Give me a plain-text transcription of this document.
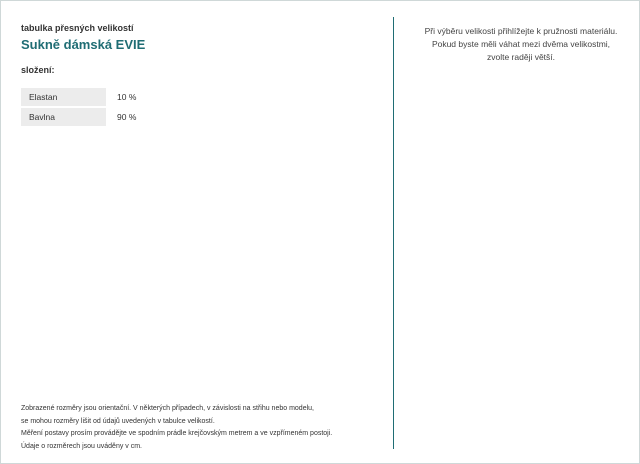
tabulka přesných velikostí

Sukně dámská EVIE

složení:

Elastan	10 %
Bavlna	90 %

Při výběru velikosti přihlížejte k pružnosti materiálu.

Pokud byste měli váhat mezi dvěma velikostmi,

zvolte raději větší.

Zobrazené rozměry jsou orientační. V některých případech, v závislosti na střihu nebo modelu,

se mohou rozměry lišit od údajů uvedených v tabulce velikostí.

Měření postavy prosím provádějte ve spodním prádle krejčovským metrem a ve vzpřímeném postoji.

Údaje o rozměrech jsou uváděny v cm.
